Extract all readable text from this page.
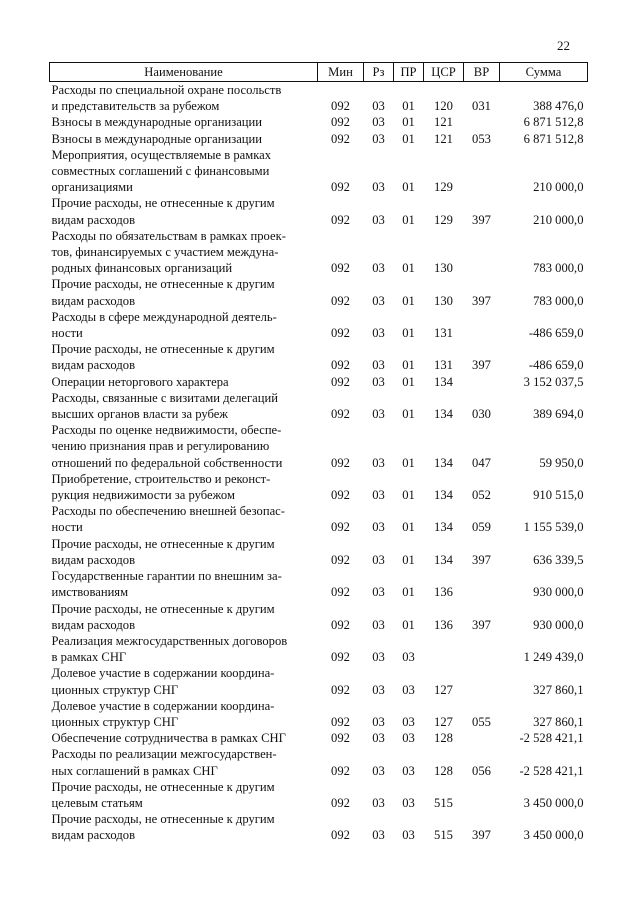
22
Наименование	Мин	Рз	ПР	ЦСР	ВР	Сумма
Расходы по специальной охране посольств
и представительств за рубежом	092	03	01	120	031	388 476,0
Взносы в международные организации	092	03	01	121		6 871 512,8
Взносы в международные организации	092	03	01	121	053	6 871 512,8
Мероприятия, осуществляемые в рамках
совместных соглашений с финансовыми
организациями	092	03	01	129		210 000,0
Прочие расходы, не отнесенные к другим
видам расходов	092	03	01	129	397	210 000,0
Расходы по обязательствам в рамках проек-
тов, финансируемых с участием междуна-
родных финансовых организаций	092	03	01	130		783 000,0
Прочие расходы, не отнесенные к другим
видам расходов	092	03	01	130	397	783 000,0
Расходы в сфере международной деятель-
ности	092	03	01	131		-486 659,0
Прочие расходы, не отнесенные к другим
видам расходов	092	03	01	131	397	-486 659,0
Операции неторгового характера	092	03	01	134		3 152 037,5
Расходы, связанные с визитами делегаций
высших органов власти за рубеж	092	03	01	134	030	389 694,0
Расходы по оценке недвижимости, обеспе-
чению признания прав и регулированию
отношений по федеральной собственности	092	03	01	134	047	59 950,0
Приобретение, строительство и реконст-
рукция недвижимости за рубежом	092	03	01	134	052	910 515,0
Расходы по обеспечению внешней безопас-
ности	092	03	01	134	059	1 155 539,0
Прочие расходы, не отнесенные к другим
видам расходов	092	03	01	134	397	636 339,5
Государственные гарантии по внешним за-
имствованиям	092	03	01	136		930 000,0
Прочие расходы, не отнесенные к другим
видам расходов	092	03	01	136	397	930 000,0
Реализация межгосударственных договоров
в рамках СНГ	092	03	03			1 249 439,0
Долевое участие в содержании координа-
ционных структур СНГ	092	03	03	127		327 860,1
Долевое участие в содержании координа-
ционных структур СНГ	092	03	03	127	055	327 860,1
Обеспечение сотрудничества в рамках СНГ	092	03	03	128		-2 528 421,1
Расходы по реализации межгосударствен-
ных соглашений в рамках СНГ	092	03	03	128	056	-2 528 421,1
Прочие расходы, не отнесенные к другим
целевым статьям	092	03	03	515		3 450 000,0
Прочие расходы, не отнесенные к другим
видам расходов	092	03	03	515	397	3 450 000,0
